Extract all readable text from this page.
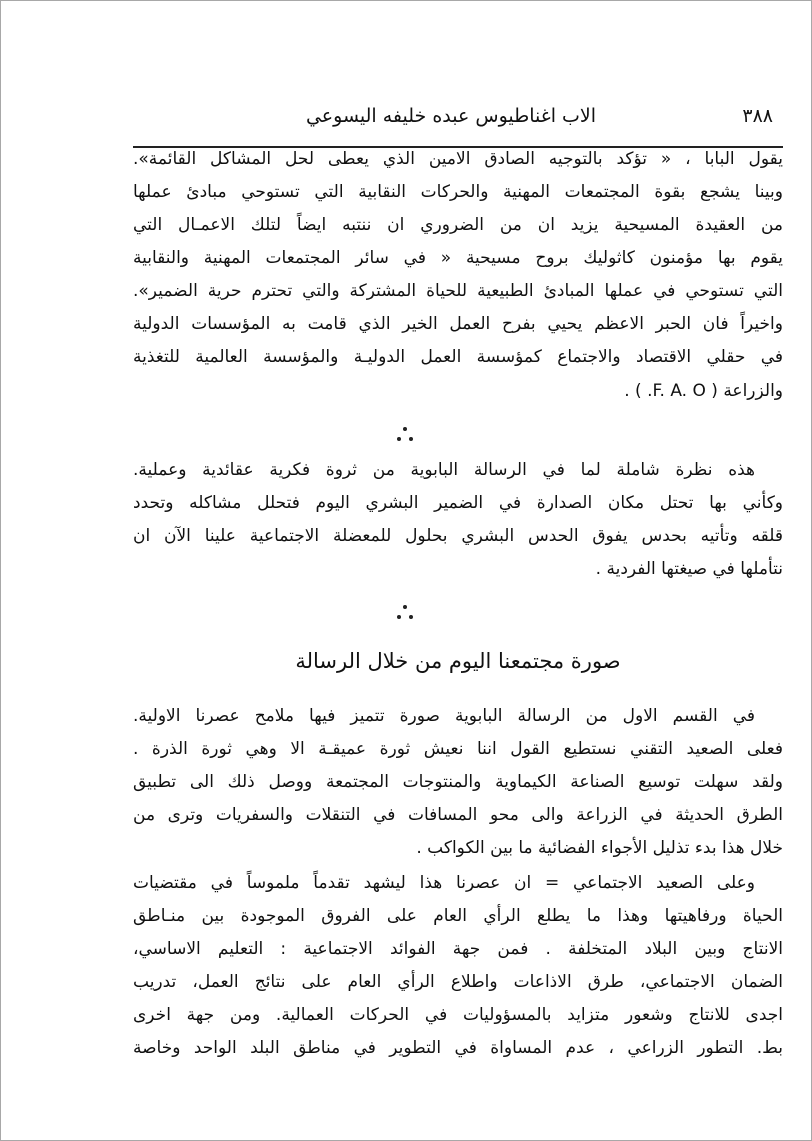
٣٨٨
الاب اغناطيوس عبده خليفه اليسوعي
يقول البابا ، « تؤكد بالتوجيه الصادق الامين الذي يعطى لحل المشاكل القائمة».
وبينا يشجع بقوة المجتمعات المهنية والحركات النقابية التي تستوحي مبادئ عملها
من العقيدة المسيحية يزيد ان من الضروري ان ننتبه ايضاً لتلك الاعمـال التي
يقوم بها مؤمنون كاثوليك بروح مسيحية « في سائر المجتمعات المهنية والنقابية
التي تستوحي في عملها المبادئ الطبيعية للحياة المشتركة والتي تحترم حرية الضمير».
واخيراً فان الحبر الاعظم يحيي بفرح العمل الخير الذي قامت به المؤسسات الدولية
في حقلي الاقتصاد والاجتماع كمؤسسة العمل الدوليـة والمؤسسة العالمية للتغذية
والزراعة ( F. A. O. ) .
هذه نظرة شاملة لما في الرسالة البابوية من ثروة فكرية عقائدية وعملية.
وكأني بها تحتل مكان الصدارة في الضمير البشري اليوم فتحلل مشاكله وتحدد
قلقه وتأتيه بحدس يفوق الحدس البشري بحلول للمعضلة الاجتماعية علينا الآن ان
نتأملها في صيغتها الفردية .
صورة مجتمعنا اليوم من خلال الرسالة
في القسم الاول من الرسالة البابوية صورة تتميز فيها ملامح عصرنا الاولية.
فعلى الصعيد التقني نستطيع القول اننا نعيش ثورة عميقـة الا وهي ثورة الذرة .
ولقد سهلت توسيع الصناعة الكيماوية والمنتوجات المجتمعة ووصل ذلك الى تطبيق
الطرق الحديثة في الزراعة والى محو المسافات في التنقلات والسفريات وترى من
خلال هذا بدء تذليل الأجواء الفضائية ما بين الكواكب .
وعلى الصعيد الاجتماعي = ان عصرنا هذا ليشهد تقدماً ملموساً في مقتضيات
الحياة ورفاهيتها وهذا ما يطلع الرأي العام على الفروق الموجودة بين منـاطق
الانتاج وبين البلاد المتخلفة . فمن جهة الفوائد الاجتماعية : التعليم الاساسي،
الضمان الاجتماعي، طرق الاذاعات واطلاع الرأي العام على نتائج العمل، تدريب
اجدى للانتاج وشعور متزايد بالمسؤوليات في الحركات العمالية. ومن جهة اخرى
بط. التطور الزراعي ، عدم المساواة في التطوير في مناطق البلد الواحد وخاصة
